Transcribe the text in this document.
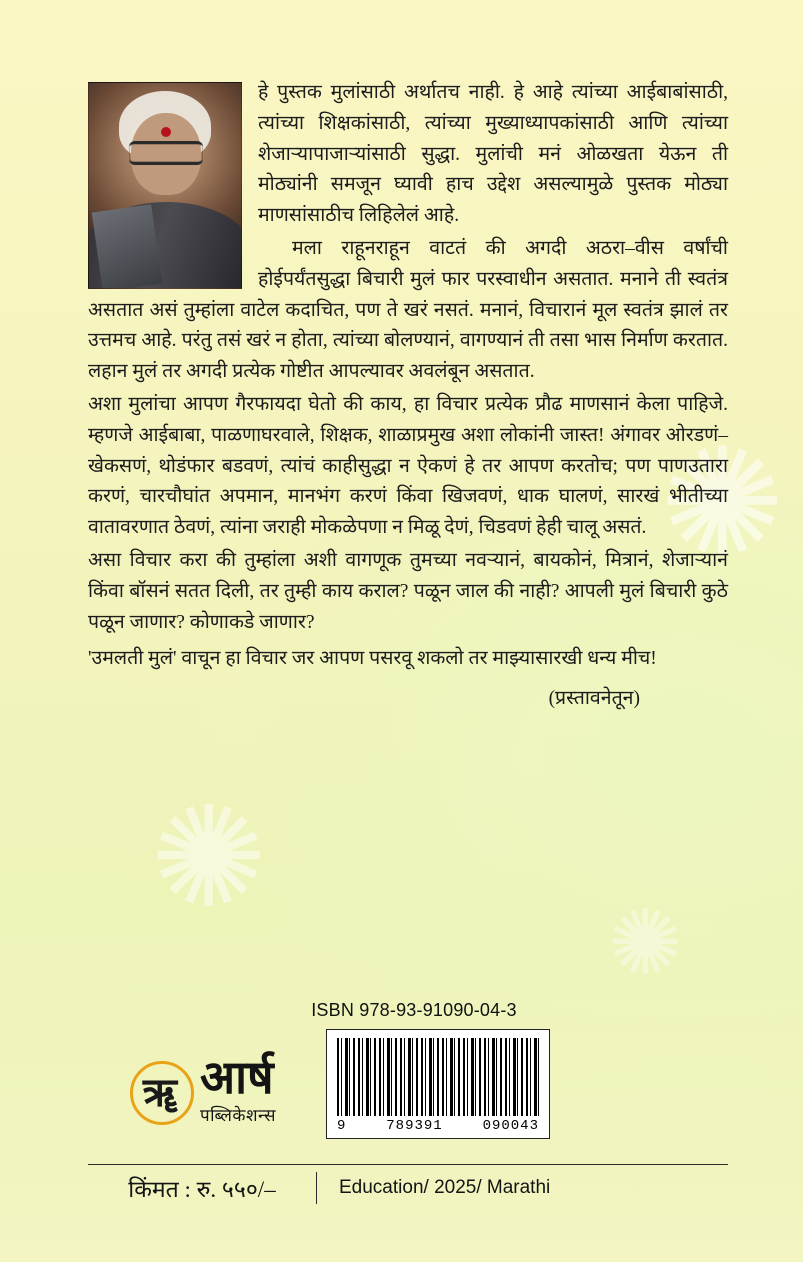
✺
✺
✺

हे पुस्तक मुलांसाठी अर्थातच नाही. हे आहे त्यांच्या आईबाबांसाठी, त्यांच्या शिक्षकांसाठी, त्यांच्या मुख्याध्यापकांसाठी आणि त्यांच्या शेजाऱ्यापाजाऱ्यांसाठी सुद्धा. मुलांची मनं ओळखता येऊन ती मोठ्यांनी समजून घ्यावी हाच उद्देश असल्यामुळे पुस्तक मोठ्या माणसांसाठीच लिहिलेलं आहे.

मला राहूनराहून वाटतं की अगदी अठरा–वीस वर्षांची होईपर्यंतसुद्धा बिचारी मुलं फार परस्वाधीन असतात. मनाने ती स्वतंत्र असतात असं तुम्हांला वाटेल कदाचित, पण ते खरं नसतं. मनानं, विचारानं मूल स्वतंत्र झालं तर उत्तमच आहे. परंतु तसं खरं न होता, त्यांच्या बोलण्यानं, वागण्यानं ती तसा भास निर्माण करतात. लहान मुलं तर अगदी प्रत्येक गोष्टीत आपल्यावर अवलंबून असतात.

अशा मुलांचा आपण गैरफायदा घेतो की काय, हा विचार प्रत्येक प्रौढ माणसानं केला पाहिजे. म्हणजे आईबाबा, पाळणाघरवाले, शिक्षक, शाळाप्रमुख अशा लोकांनी जास्त! अंगावर ओरडणं–खेकसणं, थोडंफार बडवणं, त्यांचं काहीसुद्धा न ऐकणं हे तर आपण करतोच; पण पाणउतारा करणं, चारचौघांत अपमान, मानभंग करणं किंवा खिजवणं, धाक घालणं, सारखं भीतीच्या वातावरणात ठेवणं, त्यांना जराही मोकळेपणा न मिळू देणं, चिडवणं हेही चालू असतं.

असा विचार करा की तुम्हांला अशी वागणूक तुमच्या नवऱ्यानं, बायकोनं, मित्रानं, शेजाऱ्यानं किंवा बॉसनं सतत दिली, तर तुम्ही काय कराल? पळून जाल की नाही? आपली मुलं बिचारी कुठे पळून जाणार? कोणाकडे जाणार?

'उमलती मुलं' वाचून हा विचार जर आपण पसरवू शकलो तर माझ्यासारखी धन्य मीच!

(प्रस्तावनेतून)

ISBN 978-93-91090-04-3
ॠ आर्ष
पब्लिकेशन्स
9	789391	090043
किंमत : रु. ५५०/–	Education/ 2025/ Marathi
